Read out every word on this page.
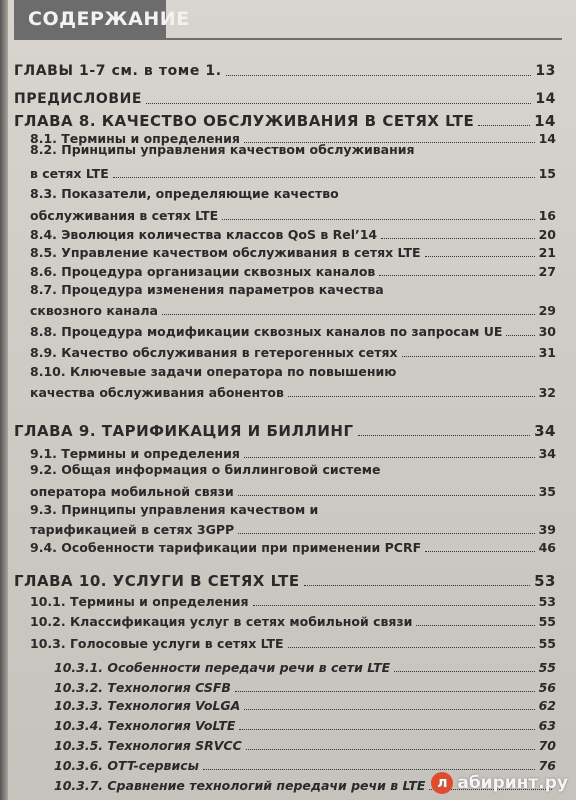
СОДЕРЖАНИЕ
ГЛАВЫ 1-7 см. в томе 1.	13
ПРЕДИСЛОВИЕ	14
ГЛАВА 8. КАЧЕСТВО ОБСЛУЖИВАНИЯ В СЕТЯХ LTE	14
8.1. Термины и определения	14
8.2. Принципы управления качеством обслуживания
в сетях LTE	15
8.3. Показатели, определяющие качество
обслуживания в сетях LTE	16
8.4. Эволюция количества классов QoS в Rel’14	20
8.5. Управление качеством обслуживания в сетях LTE	21
8.6. Процедура организации сквозных каналов	27
8.7. Процедура изменения параметров качества
сквозного канала	29
8.8. Процедура модификации сквозных каналов по запросам UE	30
8.9. Качество обслуживания в гетерогенных сетях	31
8.10. Ключевые задачи оператора по повышению
качества обслуживания абонентов	32
ГЛАВА 9. ТАРИФИКАЦИЯ И БИЛЛИНГ	34
9.1. Термины и определения	34
9.2. Общая информация о биллинговой системе
оператора мобильной связи	35
9.3. Принципы управления качеством и
тарификацией в сетях 3GPP	39
9.4. Особенности тарификации при применении PCRF	46
ГЛАВА 10. УСЛУГИ В СЕТЯХ LTE	53
10.1. Термины и определения	53
10.2. Классификация услуг в сетях мобильной связи	55
10.3. Голосовые услуги в сетях LTE	55
10.3.1. Особенности передачи речи в сети LTE	55
10.3.2. Технология CSFB	56
10.3.3. Технология VoLGA	62
10.3.4. Технология VoLTE	63
10.3.5. Технология SRVCC	70
10.3.6. OTT-сервисы	76
10.3.7. Сравнение технологий передачи речи в LTE л абиринт.ру
